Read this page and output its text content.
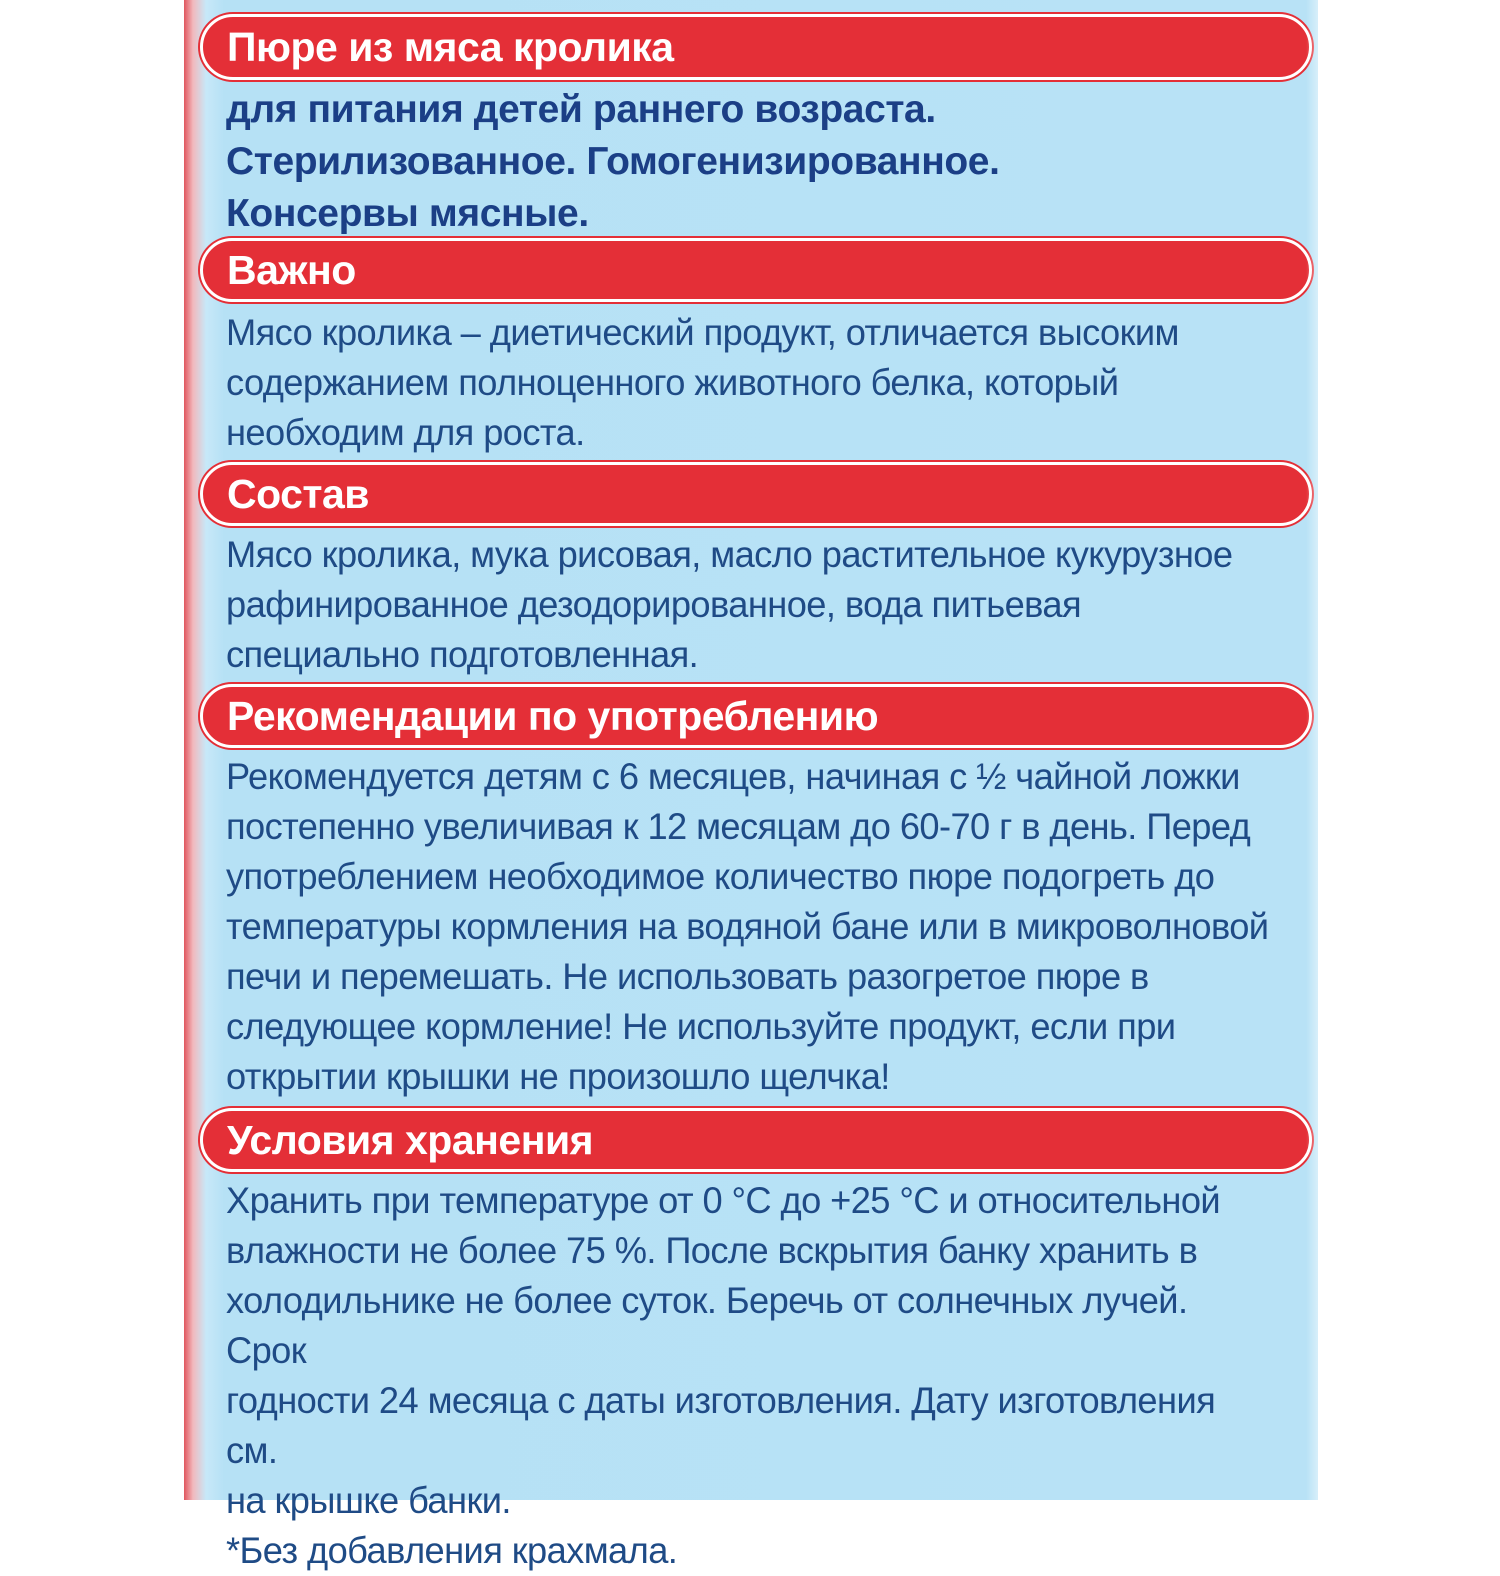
Пюре из мяса кролика

для питания детей раннего возраста.

Стерилизованное. Гомогенизированное.

Консервы мясные.

Важно

Мясо кролика – диетический продукт, отличается высоким

содержанием полноценного животного белка, который

необходим для роста.

Состав

Мясо кролика, мука рисовая, масло растительное кукурузное

рафинированное дезодорированное, вода питьевая

специально подготовленная.

Рекомендации по употреблению

Рекомендуется детям с 6 месяцев, начиная с ½ чайной ложки

постепенно увеличивая к 12 месяцам до 60-70 г в день. Перед

употреблением необходимое количество пюре подогреть до

температуры кормления на водяной бане или в микроволновой

печи и перемешать. Не использовать разогретое пюре в

следующее кормление! Не используйте продукт, если при

открытии крышки не произошло щелчка!

Условия хранения

Хранить при температуре от 0 °С до +25 °С и относительной

влажности не более 75 %. После вскрытия банку хранить в

холодильнике не более суток. Беречь от солнечных лучей. Срок

годности 24 месяца с даты изготовления. Дату изготовления см.

на крышке банки.

*Без добавления крахмала.
